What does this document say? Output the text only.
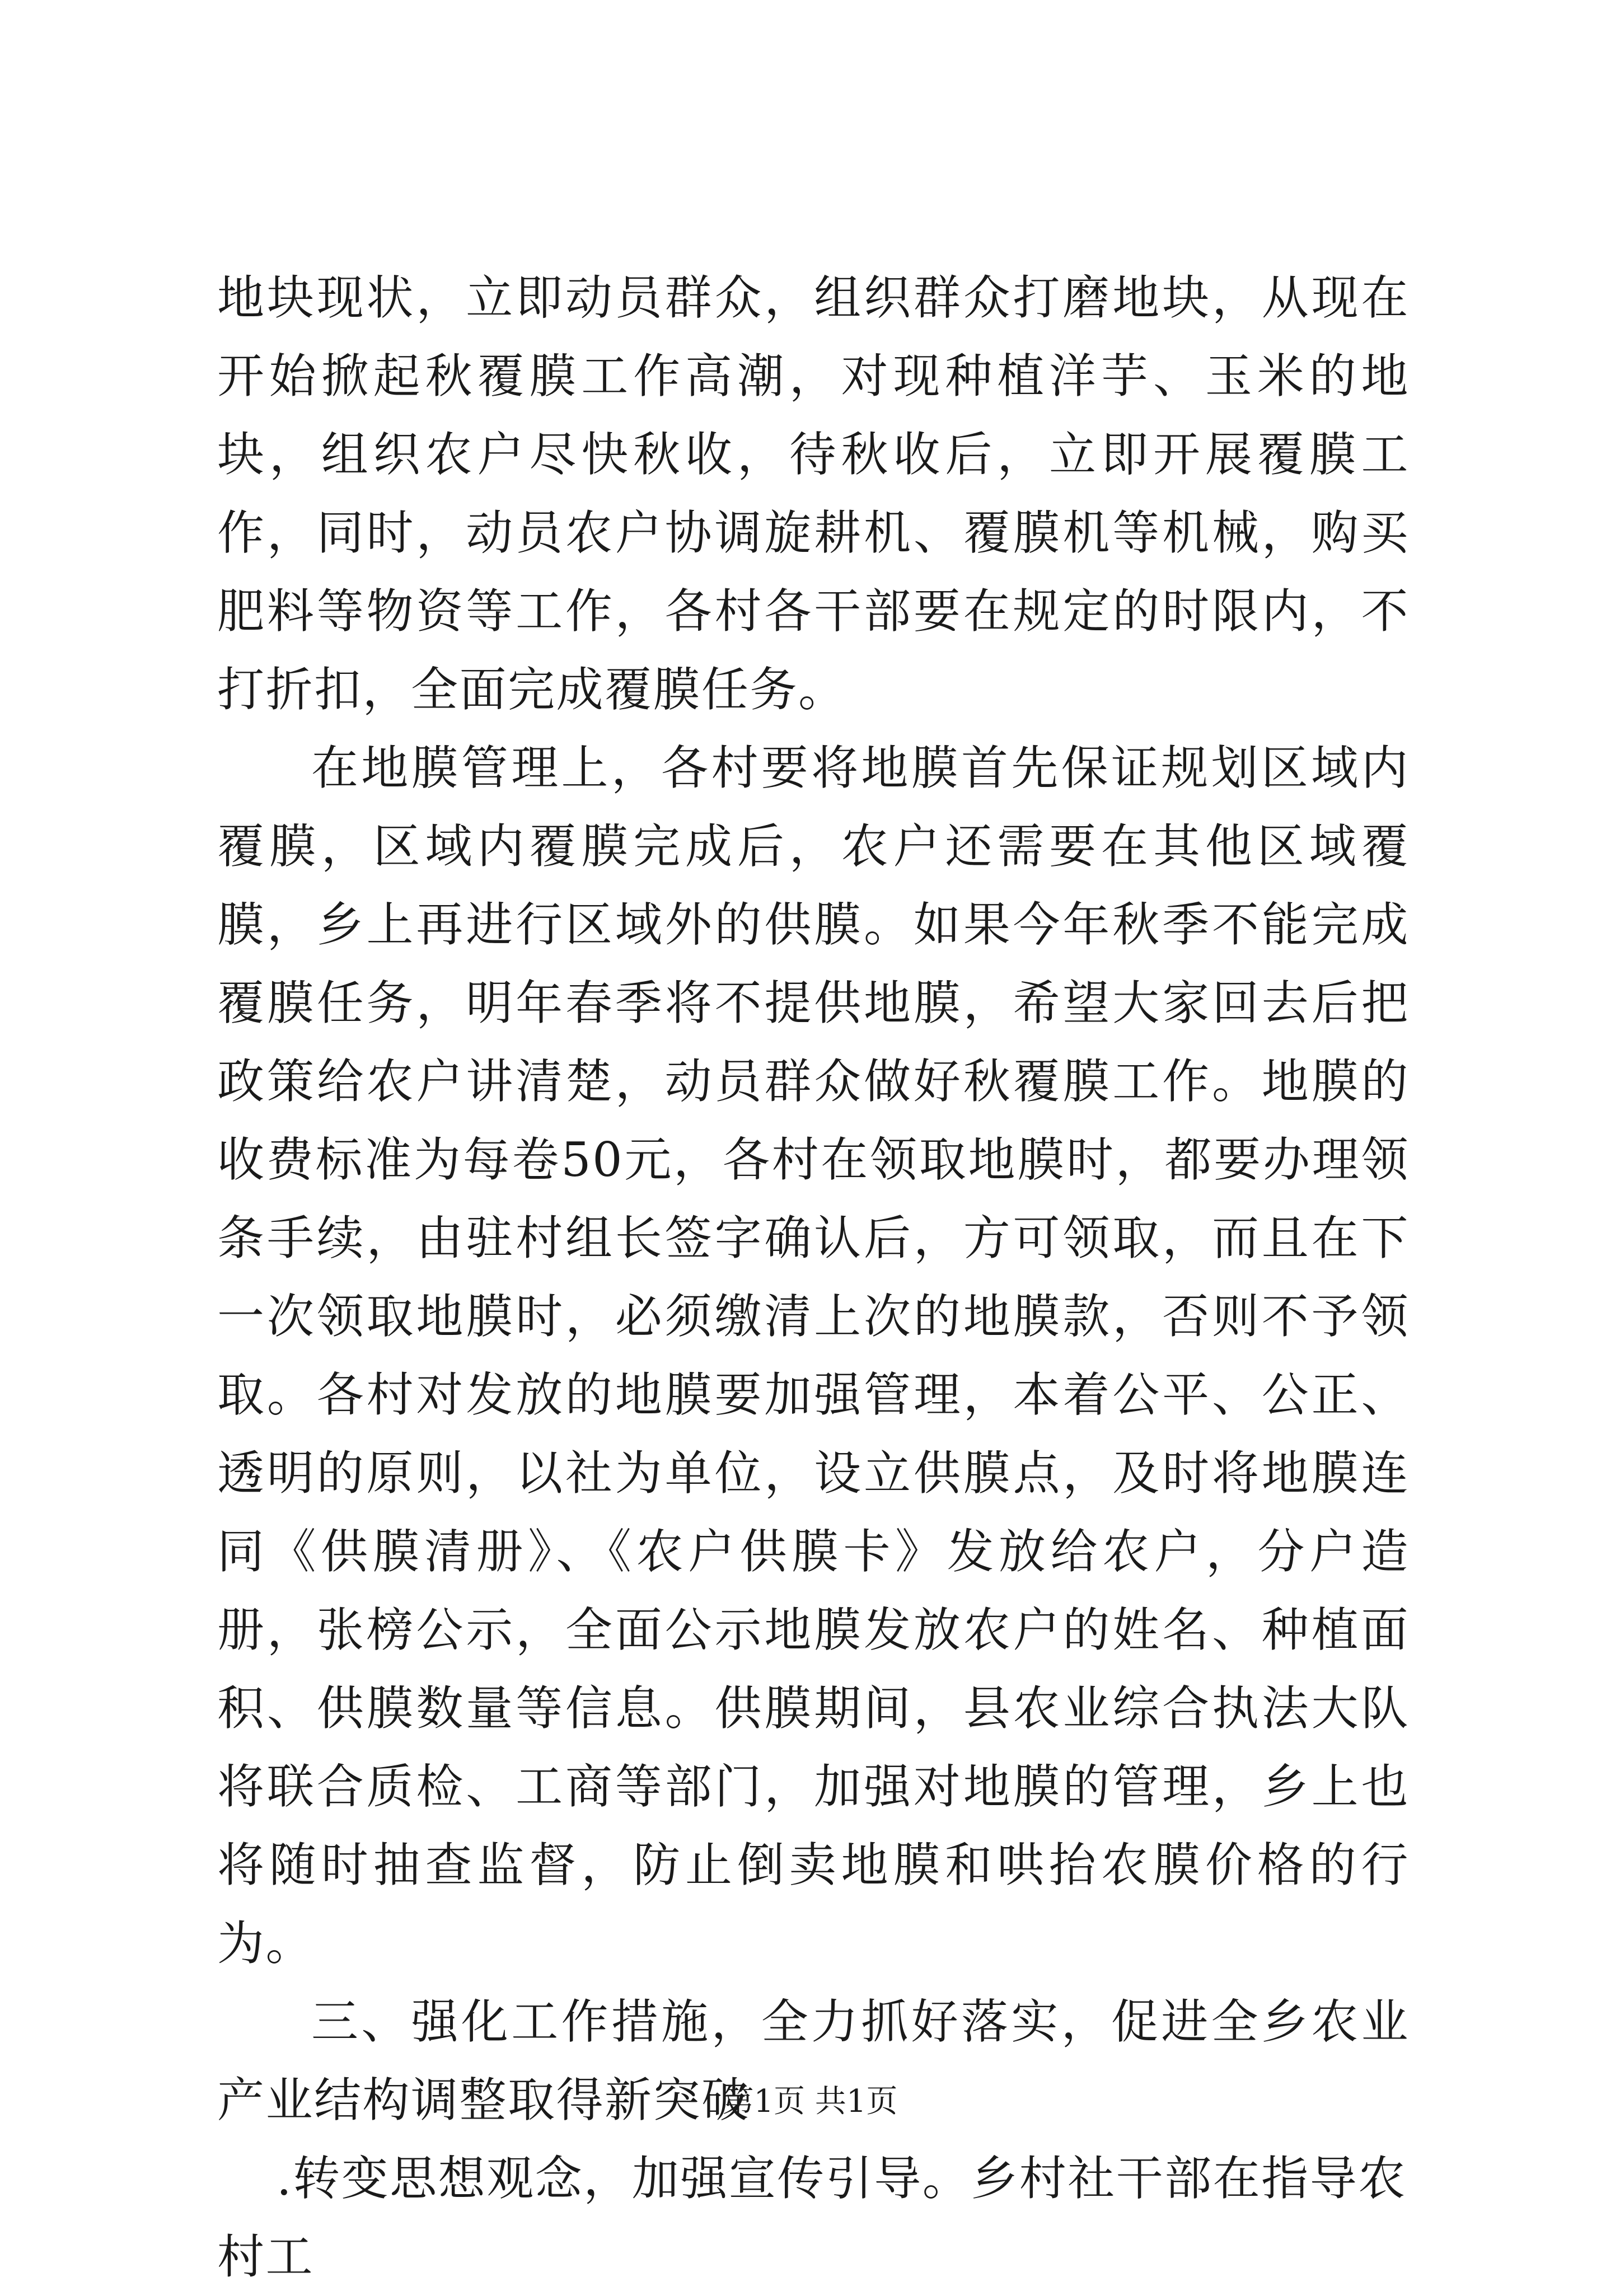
地块现状，立即动员群众，组织群众打磨地块，从现在开始掀起秋覆膜工作高潮，对现种植洋芋、玉米的地块，组织农户尽快秋收，待秋收后，立即开展覆膜工作，同时，动员农户协调旋耕机、覆膜机等机械，购买肥料等物资等工作，各村各干部要在规定的时限内，不打折扣，全面完成覆膜任务。

在地膜管理上，各村要将地膜首先保证规划区域内覆膜，区域内覆膜完成后，农户还需要在其他区域覆膜，乡上再进行区域外的供膜。如果今年秋季不能完成覆膜任务，明年春季将不提供地膜，希望大家回去后把政策给农户讲清楚，动员群众做好秋覆膜工作。地膜的收费标准为每卷50元，各村在领取地膜时，都要办理领条手续，由驻村组长签字确认后，方可领取，而且在下一次领取地膜时，必须缴清上次的地膜款，否则不予领取。各村对发放的地膜要加强管理，本着公平、公正、透明的原则，以社为单位，设立供膜点，及时将地膜连同《供膜清册》、《农户供膜卡》发放给农户，分户造册，张榜公示，全面公示地膜发放农户的姓名、种植面积、供膜数量等信息。供膜期间，县农业综合执法大队将联合质检、工商等部门，加强对地膜的管理，乡上也将随时抽查监督，防止倒卖地膜和哄抬农膜价格的行为。

三、强化工作措施，全力抓好落实，促进全乡农业产业结构调整取得新突破

.转变思想观念，加强宣传引导。乡村社干部在指导农村工

第1页 共1页
